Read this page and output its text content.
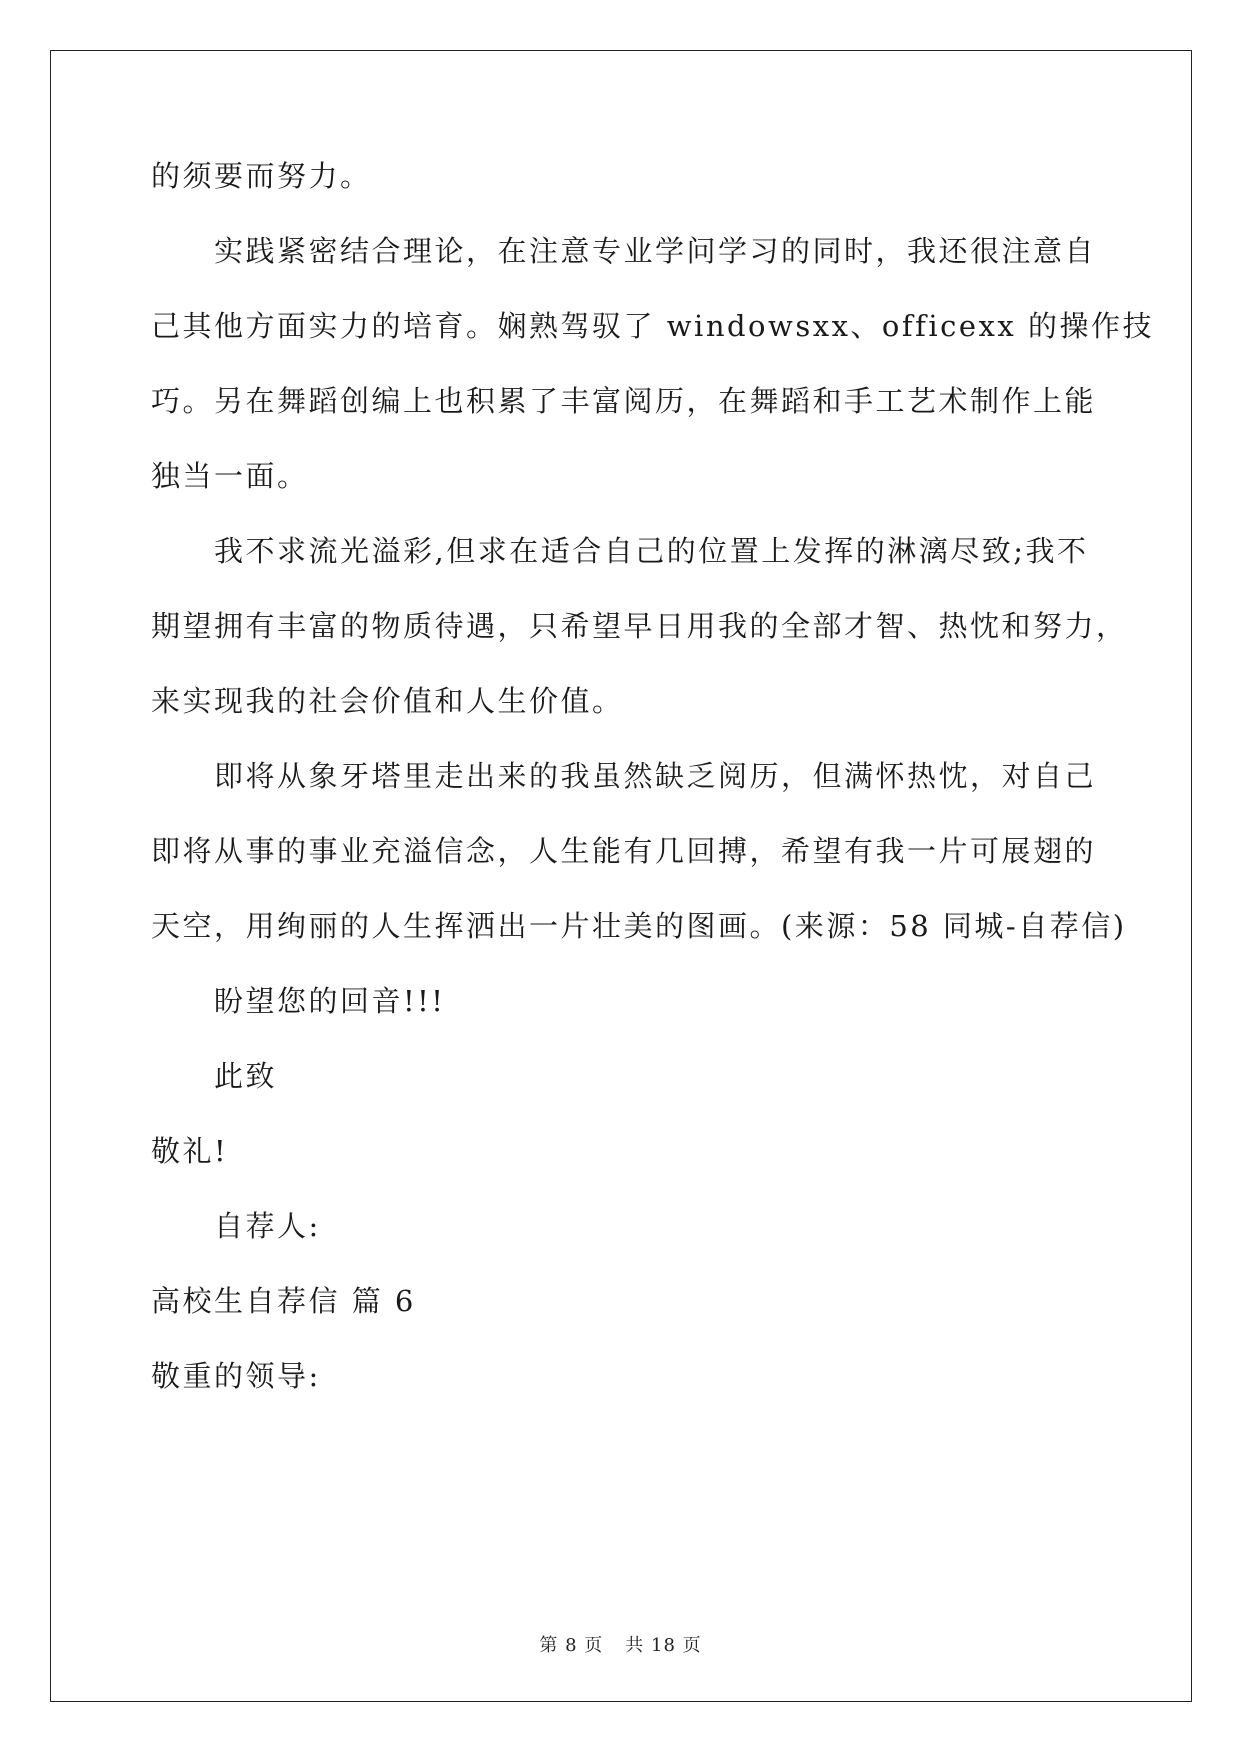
的须要而努力。
实践紧密结合理论，在注意专业学问学习的同时，我还很注意自
己其他方面实力的培育。娴熟驾驭了 windowsxx、officexx 的操作技
巧。另在舞蹈创编上也积累了丰富阅历，在舞蹈和手工艺术制作上能
独当一面。
我不求流光溢彩,但求在适合自己的位置上发挥的淋漓尽致;我不
期望拥有丰富的物质待遇，只希望早日用我的全部才智、热忱和努力，
来实现我的社会价值和人生价值。
即将从象牙塔里走出来的我虽然缺乏阅历，但满怀热忱，对自己
即将从事的事业充溢信念，人生能有几回搏，希望有我一片可展翅的
天空，用绚丽的人生挥洒出一片壮美的图画。(来源：58 同城-自荐信)
盼望您的回音!!!
此致
敬礼!
自荐人:
高校生自荐信 篇 6
敬重的领导:
第 8 页 共 18 页
